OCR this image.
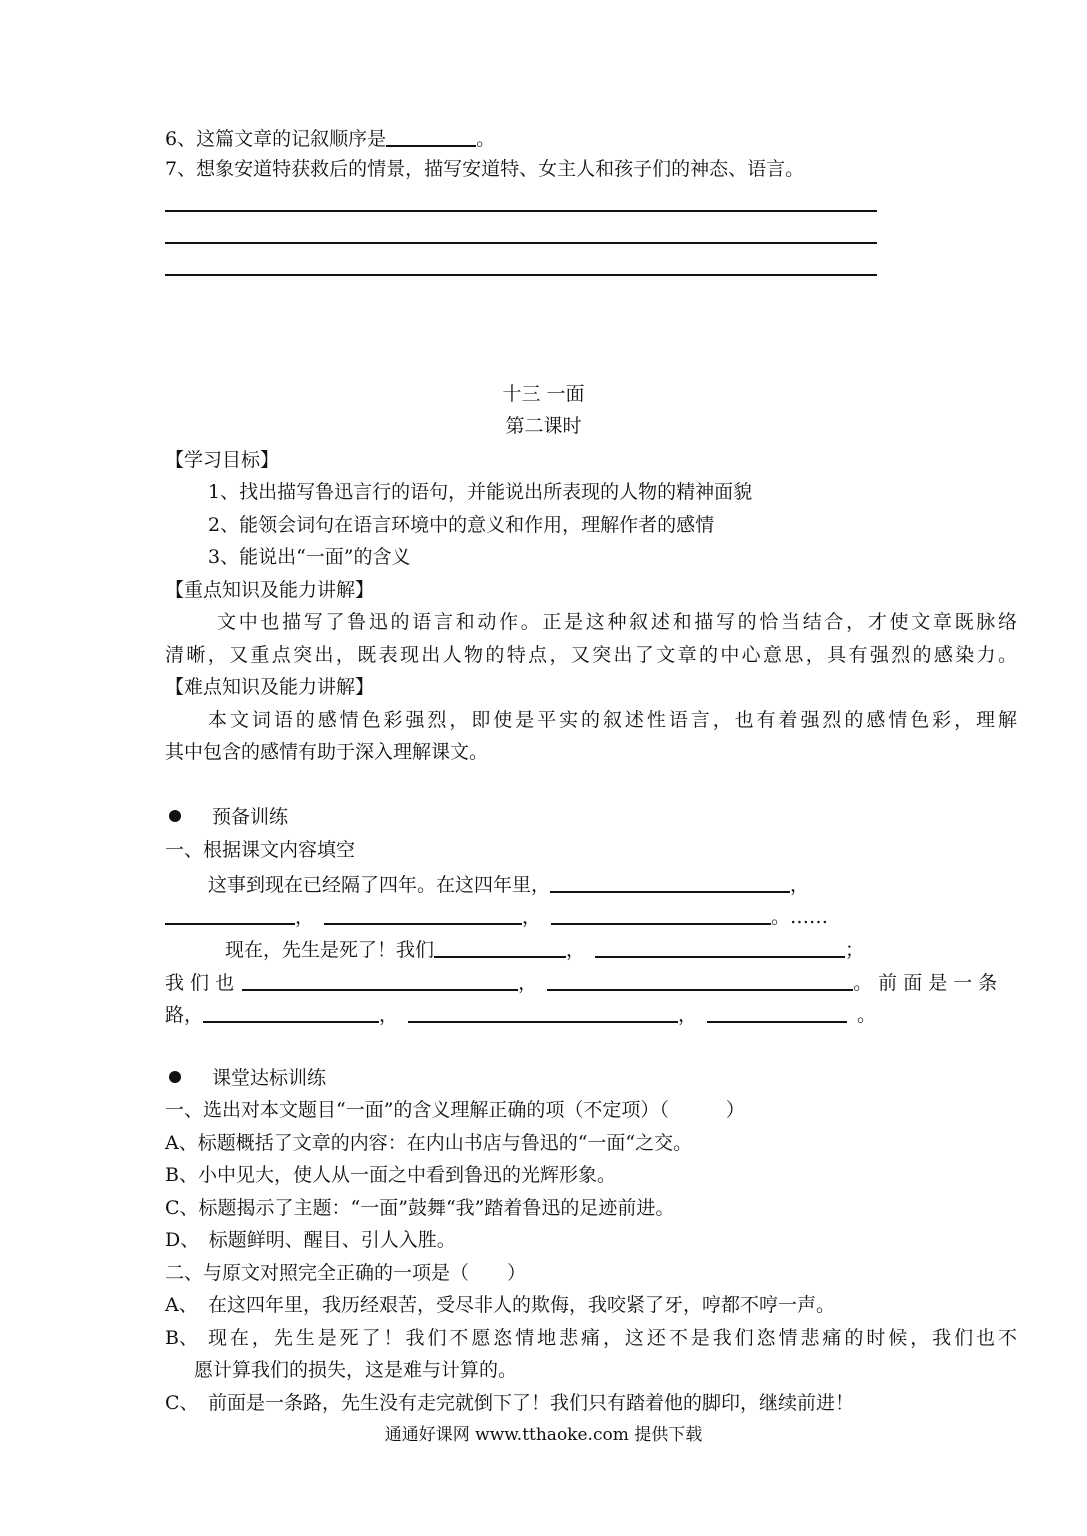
6、这篇文章的记叙顺序是	。
7、想象安道特获救后的情景，描写安道特、女主人和孩子们的神态、语言。
十三 一面
第二课时
【学习目标】
1、找出描写鲁迅言行的语句，并能说出所表现的人物的精神面貌
2、能领会词句在语言环境中的意义和作用，理解作者的感情
3、能说出“一面”的含义
【重点知识及能力讲解】
文中也描写了鲁迅的语言和动作。正是这种叙述和描写的恰当结合，才使文章既脉络
清晰，又重点突出，既表现出人物的特点，又突出了文章的中心意思，具有强烈的感染力。
【难点知识及能力讲解】
本文词语的感情色彩强烈，即使是平实的叙述性语言，也有着强烈的感情色彩，理解
其中包含的感情有助于深入理解课文。
预备训练
一、根据课文内容填空
这事到现在已经隔了四年。在这四年里，	，
，	，	。……
现在，先生是死了！我们	，	；
我 们 也	，	。 前 面 是 一 条
路，	，	，	。
课堂达标训练
一、选出对本文题目“一面”的含义理解正确的项（不定项）（　　　）
A、标题概括了文章的内容：在内山书店与鲁迅的“一面“之交。
B、小中见大，使人从一面之中看到鲁迅的光辉形象。
C、标题揭示了主题：“一面”鼓舞“我”踏着鲁迅的足迹前进。
D、　标题鲜明、醒目、引人入胜。
二、与原文对照完全正确的一项是（　　）
A、 在这四年里，我历经艰苦，受尽非人的欺侮，我咬紧了牙，哼都不哼一声。
B、 现在，先生是死了！我们不愿恣情地悲痛，这还不是我们恣情悲痛的时候，我们也不
愿计算我们的损失，这是难与计算的。
C、 前面是一条路，先生没有走完就倒下了！我们只有踏着他的脚印，继续前进！
通通好课网 www.tthaoke.com 提供下载
